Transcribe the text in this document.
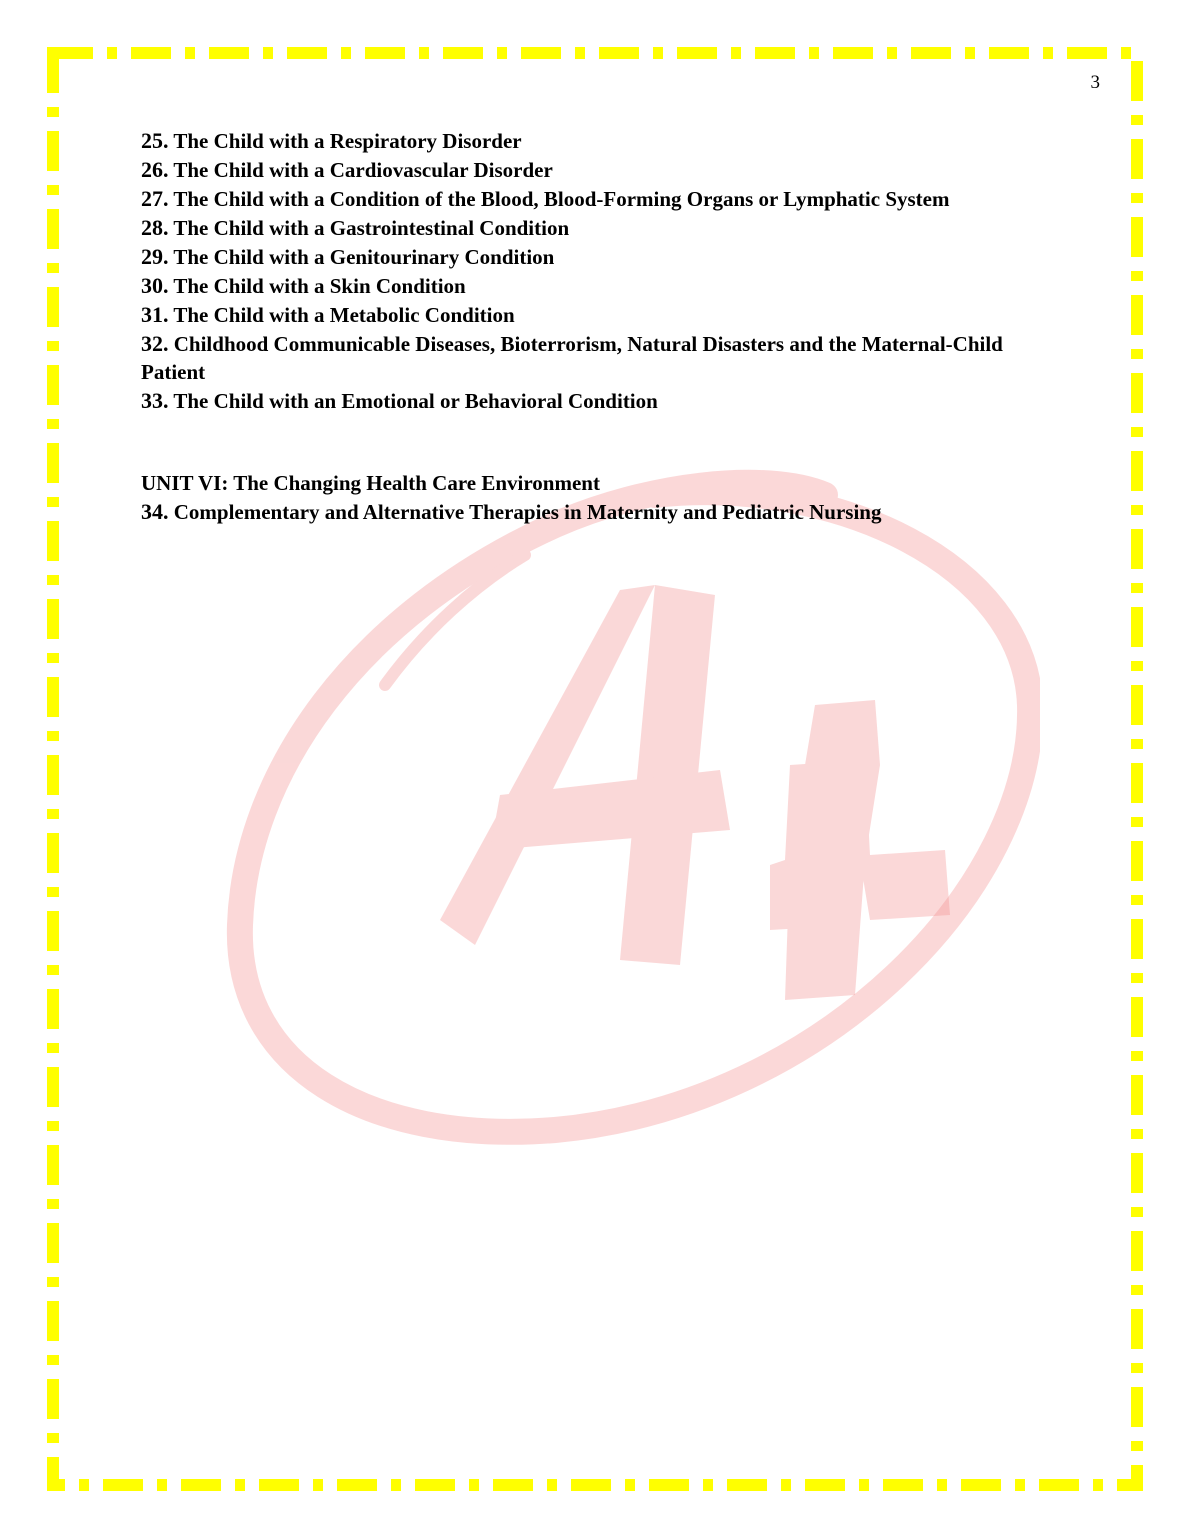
3
25. The Child with a Respiratory Disorder
26. The Child with a Cardiovascular Disorder
27. The Child with a Condition of the Blood, Blood-Forming Organs or Lymphatic System
28. The Child with a Gastrointestinal Condition
29. The Child with a Genitourinary Condition
30. The Child with a Skin Condition
31. The Child with a Metabolic Condition
32. Childhood Communicable Diseases, Bioterrorism, Natural Disasters and the Maternal-Child Patient
33. The Child with an Emotional or Behavioral Condition
UNIT VI: The Changing Health Care Environment
34. Complementary and Alternative Therapies in Maternity and Pediatric Nursing
